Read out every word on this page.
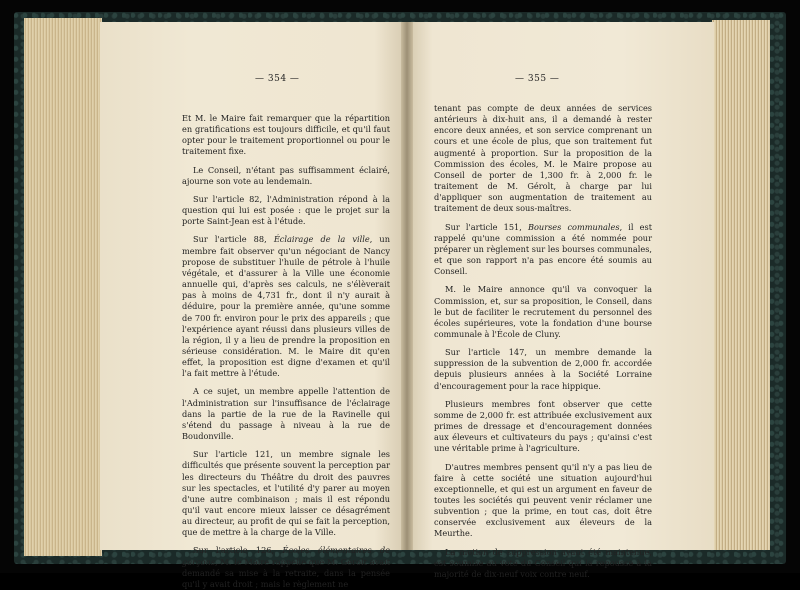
— 354 —

Et M. le Maire fait remarquer que la répartition en gratifications est toujours difficile, et qu'il faut opter pour le traitement proportionnel ou pour le traitement fixe.

Le Conseil, n'étant pas suffisamment éclairé, ajourne son vote au lendemain.

Sur l'article 82, l'Administration répond à la question qui lui est posée : que le projet sur la porte Saint-Jean est à l'étude.

Sur l'article 88, Éclairage de la ville, un membre fait observer qu'un négociant de Nancy propose de substituer l'huile de pétrole à l'huile végétale, et d'assurer à la Ville une économie annuelle qui, d'après ses calculs, ne s'élèverait pas à moins de 4,731 fr., dont il n'y aurait à déduire, pour la première année, qu'une somme de 700 fr. environ pour le prix des appareils ; que l'expérience ayant réussi dans plusieurs villes de la région, il y a lieu de prendre la proposition en sérieuse considération. M. le Maire dit qu'en effet, la proposition est digne d'examen et qu'il l'a fait mettre à l'étude.

A ce sujet, un membre appelle l'attention de l'Administration sur l'insuffisance de l'éclairage dans la partie de la rue de la Ravinelle qui s'étend du passage à niveau à la rue de Boudonville.

Sur l'article 121, un membre signale les difficultés que présente souvent la perception par les directeurs du Théâtre du droit des pauvres sur les spectacles, et l'utilité d'y parer au moyen d'une autre combinaison ; mais il est répondu qu'il vaut encore mieux laisser ce désagrément au directeur, au profit de qui se fait la perception, que de mettre à la charge de la Ville.

Sur l'article 126, Écoles élémentaires de garçons, M. le Maire rappelle que M. Gérolt avait demandé sa mise à la retraite, dans la pensée qu'il y avait droit ; mais le règlement ne

— 355 —

tenant pas compte de deux années de services antérieurs à dix-huit ans, il a demandé à rester encore deux années, et son service comprenant un cours et une école de plus, que son traitement fut augmenté à proportion. Sur la proposition de la Commission des écoles, M. le Maire propose au Conseil de porter de 1,300 fr. à 2,000 fr. le traitement de M. Gérolt, à charge par lui d'appliquer son augmentation de traitement au traitement de deux sous-maîtres.

Sur l'article 151, Bourses communales, il est rappelé qu'une commission a été nommée pour préparer un règlement sur les bourses communales, et que son rapport n'a pas encore été soumis au Conseil.

M. le Maire annonce qu'il va convoquer la Commission, et, sur sa proposition, le Conseil, dans le but de faciliter le recrutement du personnel des écoles supérieures, vote la fondation d'une bourse communale à l'École de Cluny.

Sur l'article 147, un membre demande la suppression de la subvention de 2,000 fr. accordée depuis plusieurs années à la Société Lorraine d'encouragement pour la race hippique.

Plusieurs membres font observer que cette somme de 2,000 fr. est attribuée exclusivement aux primes de dressage et d'encouragement données aux éleveurs et cultivateurs du pays ; qu'ainsi c'est une véritable prime à l'agriculture.

D'autres membres pensent qu'il n'y a pas lieu de faire à cette société une situation aujourd'hui exceptionnelle, et qui est un argument en faveur de toutes les sociétés qui peuvent venir réclamer une subvention ; que la prime, en tout cas, doit être conservée exclusivement aux éleveurs de la Meurthe.

La motion de suppression ayant été maintenue, est soumise au vote du Conseil qui la repousse à la majorité de dix-neuf voix contre neuf.
